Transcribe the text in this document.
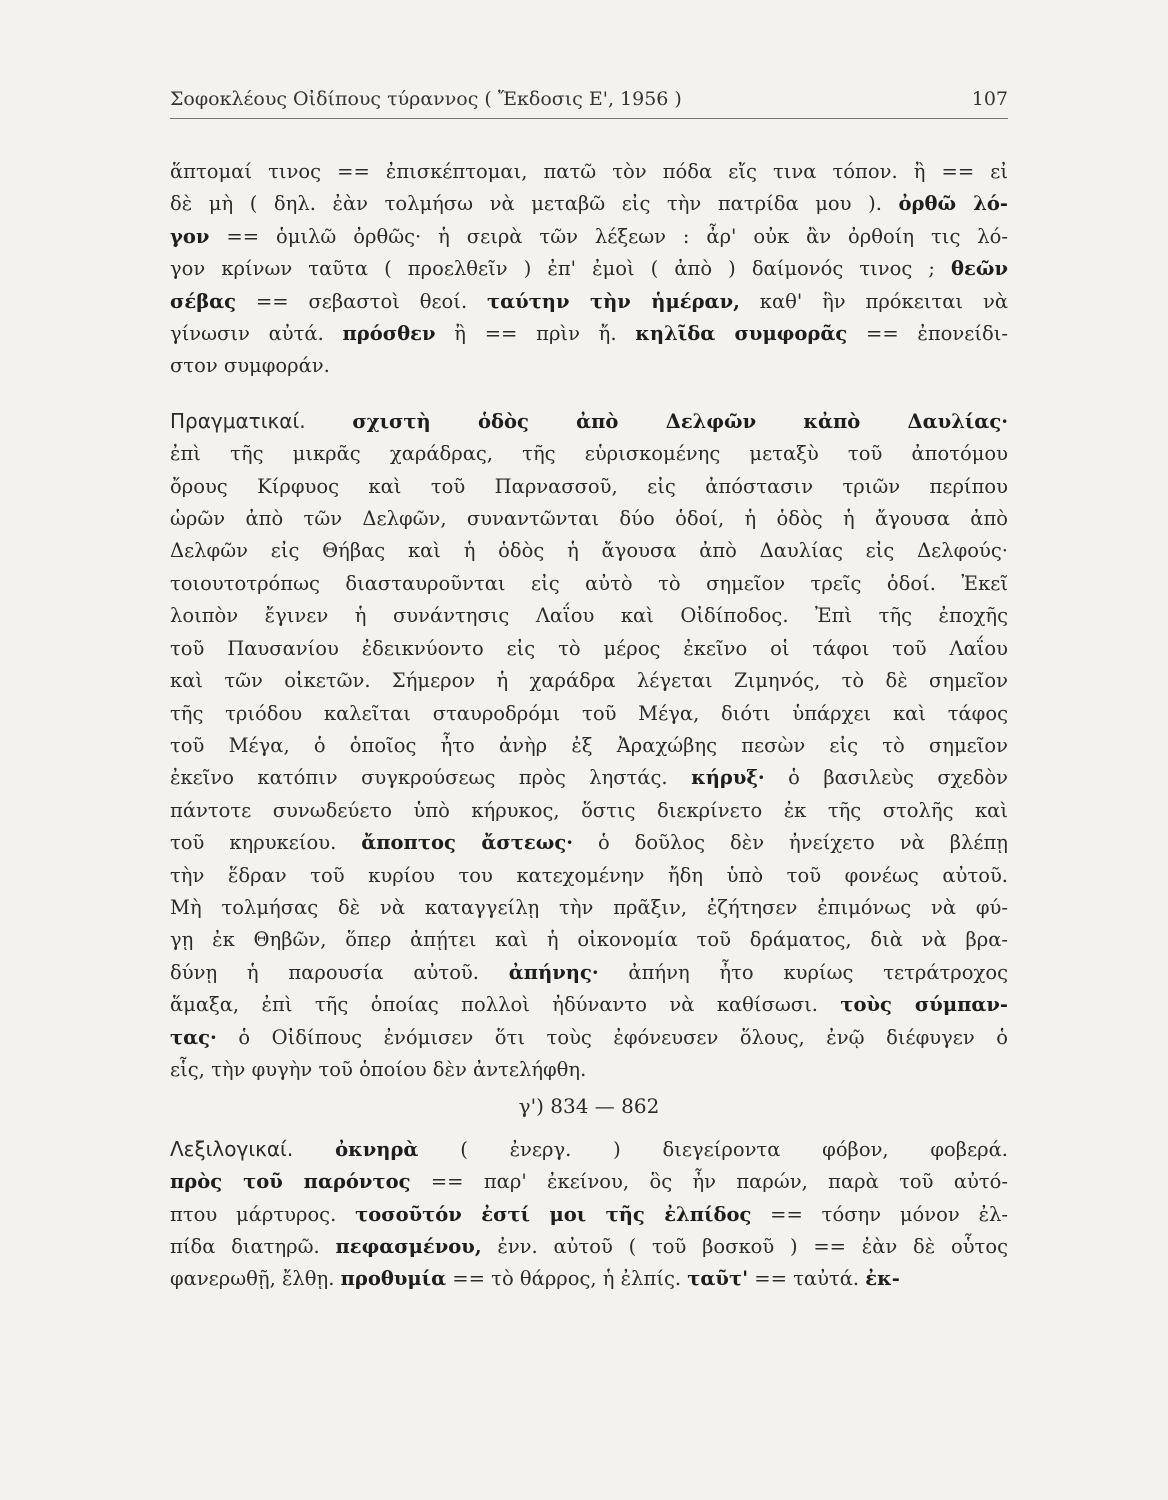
Σοφοκλέους Οἰδίπους τύραννος ( Ἔκδοσις Ε', 1956 )	107
ἅπτομαί τινος == ἐπισκέπτομαι, πατῶ τὸν πόδα εἴς τινα τόπον. ἢ == εἰ
δὲ μὴ ( δηλ. ἐὰν τολμήσω νὰ μεταβῶ εἰς τὴν πατρίδα μου ). ὀρθῶ λό-
γον == ὁμιλῶ ὀρθῶς· ἡ σειρὰ τῶν λέξεων : ἆρ' οὐκ ἂν ὀρθοίη τις λό-
γον κρίνων ταῦτα ( προελθεῖν ) ἐπ' ἐμοὶ ( ἀπὸ ) δαίμονός τινος ; θεῶν
σέβας == σεβαστοὶ θεοί. ταύτην τὴν ἡμέραν, καθ' ἣν πρόκειται νὰ
γίνωσιν αὐτά. πρόσθεν ἢ == πρὶν ἤ. κηλῖδα συμφορᾶς == ἐπονείδι-
στον συμφοράν.
Πραγματικαί. σχιστὴ ὁδὸς ἀπὸ Δελφῶν κἀπὸ Δαυλίας·
ἐπὶ τῆς μικρᾶς χαράδρας, τῆς εὑρισκομένης μεταξὺ τοῦ ἀποτόμου
ὄρους Κίρφυος καὶ τοῦ Παρνασσοῦ, εἰς ἀπόστασιν τριῶν περίπου
ὡρῶν ἀπὸ τῶν Δελφῶν, συναντῶνται δύο ὁδοί, ἡ ὁδὸς ἡ ἄγουσα ἀπὸ
Δελφῶν εἰς Θήβας καὶ ἡ ὁδὸς ἡ ἄγουσα ἀπὸ Δαυλίας εἰς Δελφούς·
τοιουτοτρόπως διασταυροῦνται εἰς αὐτὸ τὸ σημεῖον τρεῖς ὁδοί. Ἐκεῖ
λοιπὸν ἔγινεν ἡ συνάντησις Λαΐου καὶ Οἰδίποδος. Ἐπὶ τῆς ἐποχῆς
τοῦ Παυσανίου ἐδεικνύοντο εἰς τὸ μέρος ἐκεῖνο οἱ τάφοι τοῦ Λαΐου
καὶ τῶν οἰκετῶν. Σήμερον ἡ χαράδρα λέγεται Ζιμηνός, τὸ δὲ σημεῖον
τῆς τριόδου καλεῖται σταυροδρόμι τοῦ Μέγα, διότι ὑπάρχει καὶ τάφος
τοῦ Μέγα, ὁ ὁποῖος ἦτο ἀνὴρ ἐξ Ἀραχώβης πεσὼν εἰς τὸ σημεῖον
ἐκεῖνο κατόπιν συγκρούσεως πρὸς ληστάς. κήρυξ· ὁ βασιλεὺς σχεδὸν
πάντοτε συνωδεύετο ὑπὸ κήρυκος, ὅστις διεκρίνετο ἐκ τῆς στολῆς καὶ
τοῦ κηρυκείου. ἄποπτος ἄστεως· ὁ δοῦλος δὲν ἠνείχετο νὰ βλέπῃ
τὴν ἕδραν τοῦ κυρίου του κατεχομένην ἤδη ὑπὸ τοῦ φονέως αὐτοῦ.
Μὴ τολμήσας δὲ νὰ καταγγείλῃ τὴν πρᾶξιν, ἐζήτησεν ἐπιμόνως νὰ φύ-
γῃ ἐκ Θηβῶν, ὅπερ ἀπῄτει καὶ ἡ οἰκονομία τοῦ δράματος, διὰ νὰ βρα-
δύνῃ ἡ παρουσία αὐτοῦ. ἀπήνης· ἀπήνη ἦτο κυρίως τετράτροχος
ἅμαξα, ἐπὶ τῆς ὁποίας πολλοὶ ἠδύναντο νὰ καθίσωσι. τοὺς σύμπαν-
τας· ὁ Οἰδίπους ἐνόμισεν ὅτι τοὺς ἐφόνευσεν ὅλους, ἐνῷ διέφυγεν ὁ
εἷς, τὴν φυγὴν τοῦ ὁποίου δὲν ἀντελήφθη.
γ') 834 — 862
Λεξιλογικαί. ὀκνηρὰ ( ἐνεργ. ) διεγείροντα φόβον, φοβερά.
πρὸς τοῦ παρόντος == παρ' ἐκείνου, ὃς ἦν παρών, παρὰ τοῦ αὐτό-
πτου μάρτυρος. τοσοῦτόν ἐστί μοι τῆς ἐλπίδος == τόσην μόνον ἐλ-
πίδα διατηρῶ. πεφασμένου, ἐνν. αὐτοῦ ( τοῦ βοσκοῦ ) == ἐὰν δὲ οὗτος
φανερωθῇ, ἔλθῃ. προθυμία == τὸ θάρρος, ἡ ἐλπίς. ταῦτ' == ταὐτά. ἐκ-
